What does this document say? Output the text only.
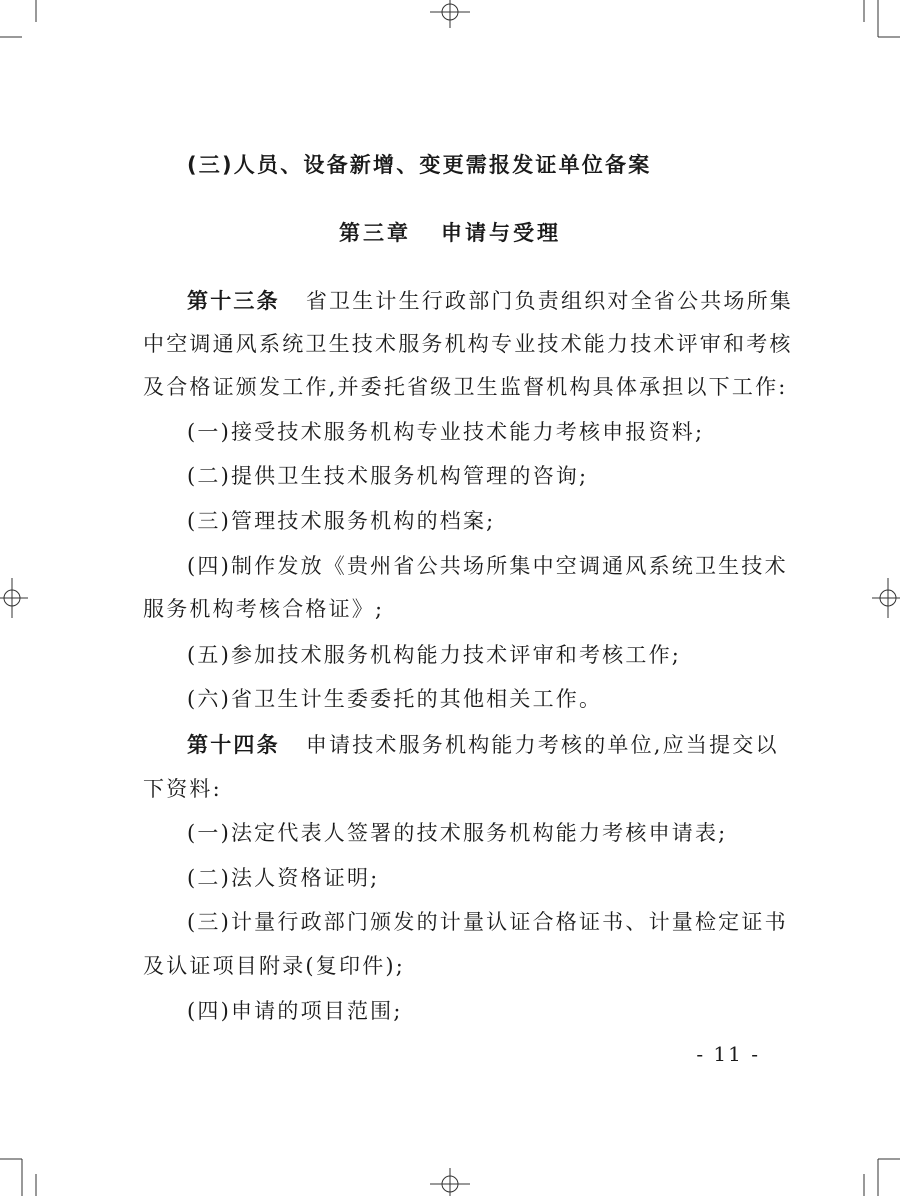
(三)人员、设备新增、变更需报发证单位备案
第三章 申请与受理
第十三条 省卫生计生行政部门负责组织对全省公共场所集
中空调通风系统卫生技术服务机构专业技术能力技术评审和考核
及合格证颁发工作,并委托省级卫生监督机构具体承担以下工作:
(一)接受技术服务机构专业技术能力考核申报资料;
(二)提供卫生技术服务机构管理的咨询;
(三)管理技术服务机构的档案;
(四)制作发放《贵州省公共场所集中空调通风系统卫生技术
服务机构考核合格证》;
(五)参加技术服务机构能力技术评审和考核工作;
(六)省卫生计生委委托的其他相关工作。
第十四条 申请技术服务机构能力考核的单位,应当提交以
下资料:
(一)法定代表人签署的技术服务机构能力考核申请表;
(二)法人资格证明;
(三)计量行政部门颁发的计量认证合格证书、计量检定证书
及认证项目附录(复印件);
(四)申请的项目范围;
- 11 -
